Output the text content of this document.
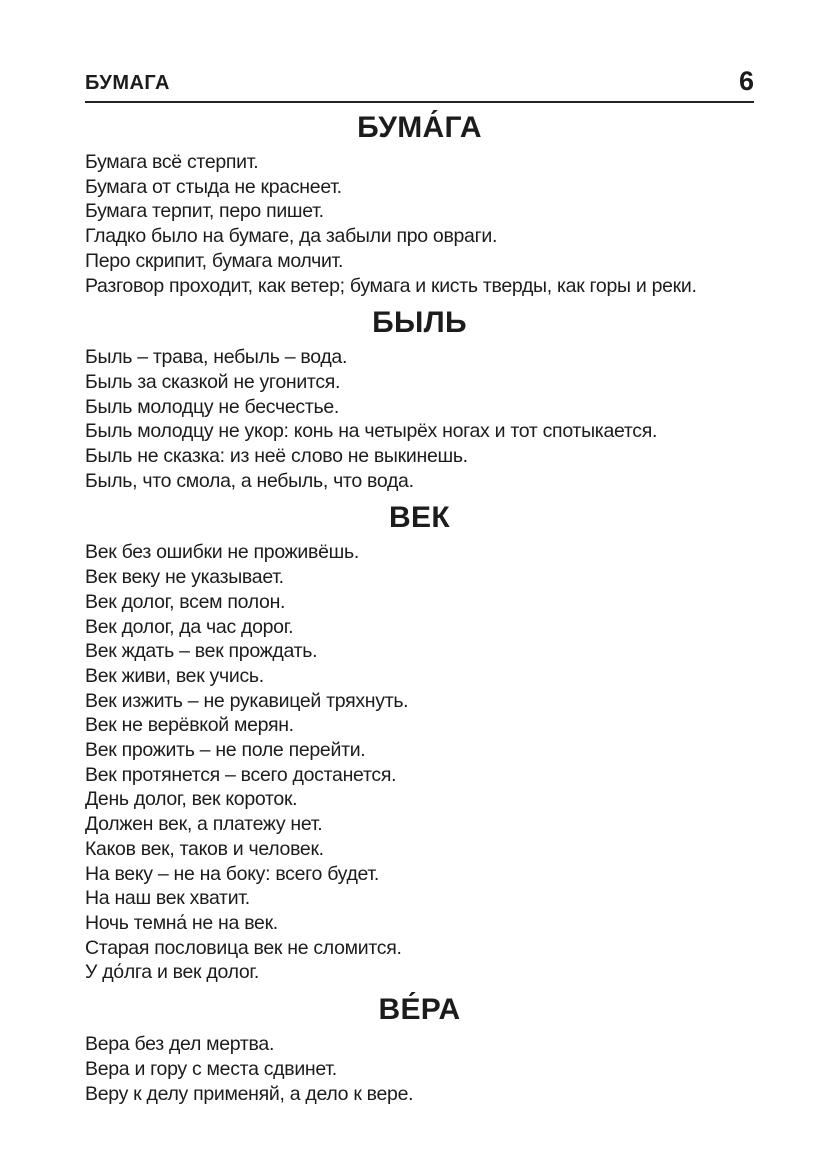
БУМАГА	6
БУМА́ГА

Бумага всё стерпит.

Бумага от стыда не краснеет.

Бумага терпит, перо пишет.

Гладко было на бумаге, да забыли про овраги.

Перо скрипит, бумага молчит.

Разговор проходит, как ветер; бумага и кисть тверды, как горы и реки.

БЫЛЬ

Быль – трава, небыль – вода.

Быль за сказкой не угонится.

Быль молодцу не бесчестье.

Быль молодцу не укор: конь на четырёх ногах и тот спотыкается.

Быль не сказка: из неё слово не выкинешь.

Быль, что смола, а небыль, что вода.

ВЕК

Век без ошибки не проживёшь.

Век веку не указывает.

Век долог, всем полон.

Век долог, да час дорог.

Век ждать – век прождать.

Век живи, век учись.

Век изжить – не рукавицей тряхнуть.

Век не верёвкой мерян.

Век прожить – не поле перейти.

Век протянется – всего достанется.

День долог, век короток.

Должен век, а платежу нет.

Каков век, таков и человек.

На веку – не на боку: всего будет.

На наш век хватит.

Ночь темна́ не на век.

Старая пословица век не сломится.

У до́лга и век долог.

ВЕ́РА

Вера без дел мертва.

Вера и гору с места сдвинет.

Веру к делу применяй, а дело к вере.
